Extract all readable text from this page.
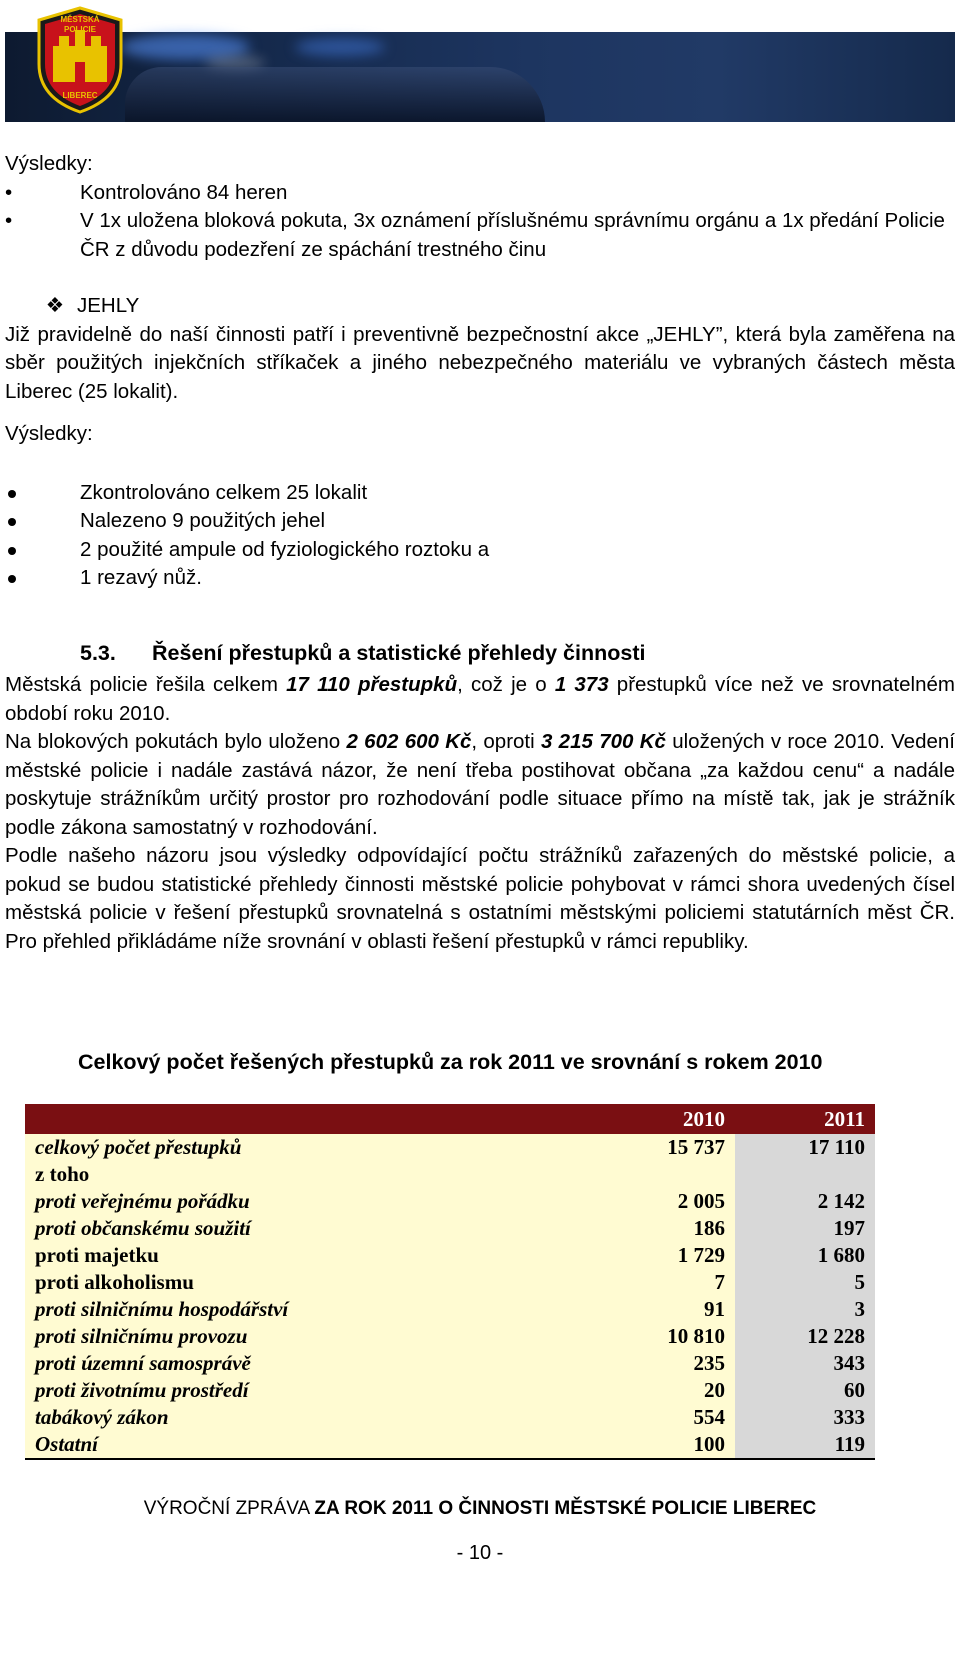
MĚSTSKÁ
POLICIE
LIBEREC

Výsledky:

•	Kontrolováno 84 heren
•	V 1x uložena bloková pokuta, 3x oznámení příslušnému správnímu orgánu a 1x předání Policie ČR z důvodu podezření ze spáchání trestného činu

❖ JEHLY

Již pravidelně do naší činnosti patří i preventivně bezpečnostní akce „JEHLY”, která byla zaměřena na sběr použitých injekčních stříkaček a jiného nebezpečného materiálu ve vybraných částech města Liberec (25 lokalit).

Výsledky:

Zkontrolováno celkem 25 lokalit
Nalezeno 9 použitých jehel
2 použité ampule od fyziologického roztoku a
1 rezavý nůž.

5.3. Řešení přestupků a statistické přehledy činnosti

Městská policie řešila celkem 17 110 přestupků, což je o 1 373 přestupků více než ve srovnatelném období roku 2010.

Na blokových pokutách bylo uloženo 2 602 600 Kč, oproti 3 215 700 Kč uložených v roce 2010. Vedení městské policie i nadále zastává názor, že není třeba postihovat občana „za každou cenu“ a nadále poskytuje strážníkům určitý prostor pro rozhodování podle situace přímo na místě tak, jak je strážník podle zákona samostatný v rozhodování.

Podle našeho názoru jsou výsledky odpovídající počtu strážníků zařazených do městské policie, a pokud se budou statistické přehledy činnosti městské policie pohybovat v rámci shora uvedených čísel městská policie v řešení přestupků srovnatelná s ostatními městskými policiemi statutárních měst ČR. Pro přehled přikládáme níže srovnání v oblasti řešení přestupků v rámci republiky.

Celkový počet řešených přestupků za rok 2011 ve srovnání s rokem 2010
	2010	2011
celkový počet přestupků	15 737	17 110
z toho		
proti veřejnému pořádku	2 005	2 142
proti občanskému soužití	186	197
proti majetku	1 729	1 680
proti alkoholismu	7	5
proti silničnímu hospodářství	91	3
proti silničnímu provozu	10 810	12 228
proti územní samosprávě	235	343
proti životnímu prostředí	20	60
tabákový zákon	554	333
Ostatní	100	119
VÝROČNÍ ZPRÁVA ZA ROK 2011 O ČINNOSTI MĚSTSKÉ POLICIE LIBEREC
- 10 -
